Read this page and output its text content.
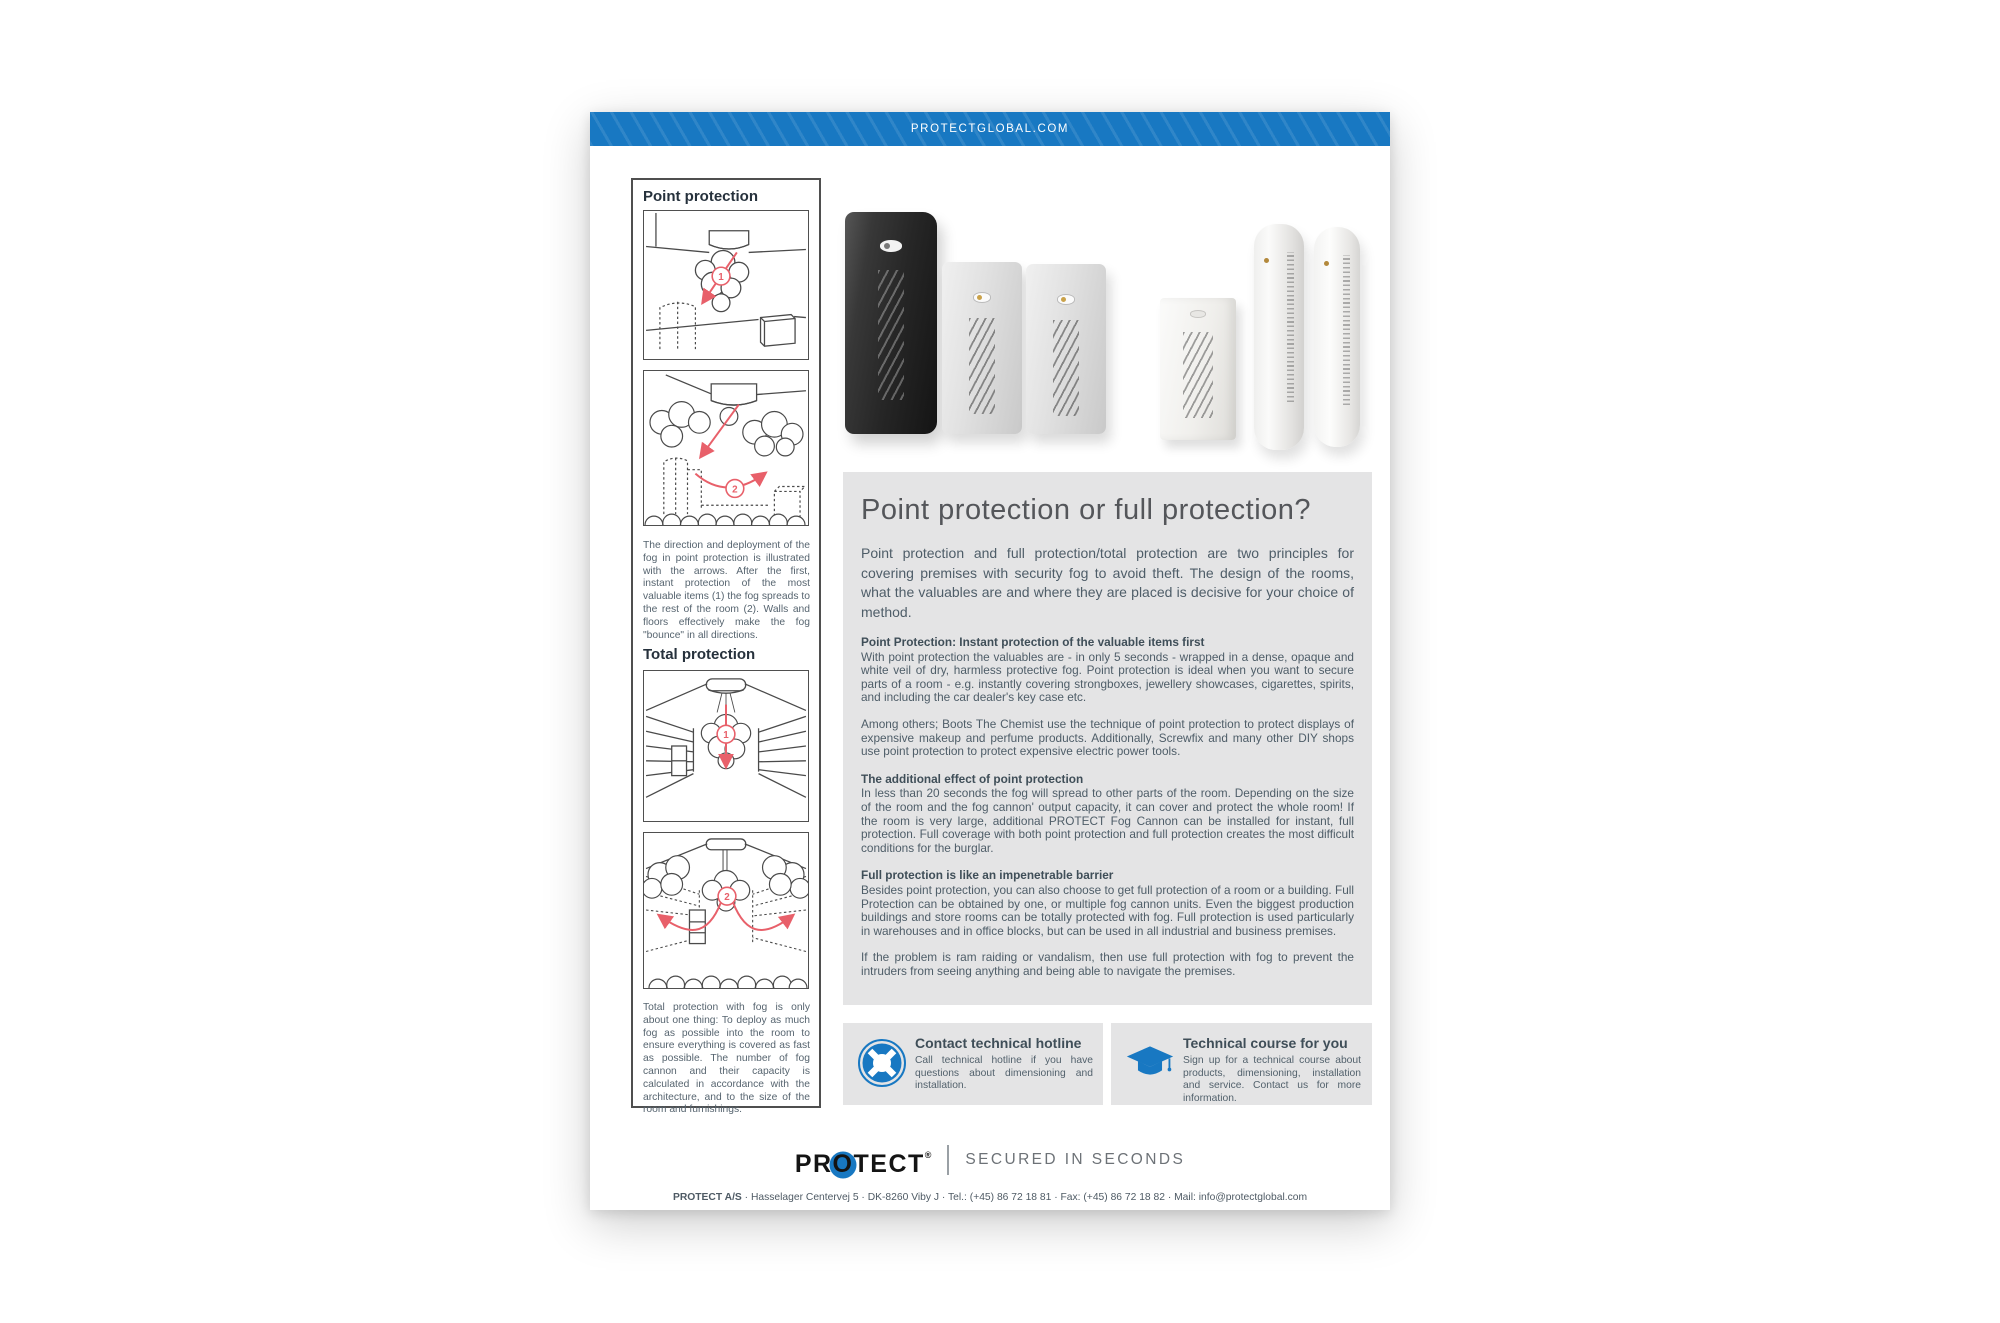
PROTECTGLOBAL.COM
Point protection
1
2

The direction and deployment of the fog in point protection is illustrated with the arrows. After the first, instant protection of the most valuable items (1) the fog spreads to the rest of the room (2). Walls and floors effectively make the fog "bounce" in all directions.

Total protection
1
2

Total protection with fog is only about one thing: To deploy as much fog as possible into the room to ensure everything is covered as fast as possible. The number of fog cannon and their capacity is calculated in accordance with the architecture, and to the size of the room and furnishings.

Point protection or full protection?

Point protection and full protection/total protection are two principles for covering premises with security fog to avoid theft. The design of the rooms, what the valuables are and where they are placed is decisive for your choice of method.

Point Protection: Instant protection of the valuable items first

With point protection the valuables are - in only 5 seconds - wrapped in a dense, opaque and white veil of dry, harmless protective fog. Point protection is ideal when you want to secure parts of a room - e.g. instantly covering strongboxes, jewellery showcases, cigarettes, spirits, and including the car dealer's key case etc.

Among others; Boots The Chemist use the technique of point protection to protect displays of expensive makeup and perfume products. Additionally, Screwfix and many other DIY shops use point protection to protect expensive electric power tools.

The additional effect of point protection

In less than 20 seconds the fog will spread to other parts of the room. Depending on the size of the room and the fog cannon' output capacity, it can cover and protect the whole room! If the room is very large, additional PROTECT Fog Cannon can be installed for instant, full protection. Full coverage with both point protection and full protection creates the most difficult conditions for the burglar.

Full protection is like an impenetrable barrier

Besides point protection, you can also choose to get full protection of a room or a building. Full Protection can be obtained by one, or multiple fog cannon units. Even the biggest production buildings and store rooms can be totally protected with fog. Full protection is used particularly in warehouses and in office blocks, but can be used in all industrial and business premises.

If the problem is ram raiding or vandalism, then use full protection with fog to prevent the intruders from seeing anything and being able to navigate the premises.

Contact technical hotline
Call technical hotline if you have questions about dimensioning and installation.
Technical course for you
Sign up for a technical course about products, dimensioning, installation and service. Contact us for more information.
PROTECT® SECURED IN SECONDS
PROTECT A/S · Hasselager Centervej 5 · DK-8260 Viby J · Tel.: (+45) 86 72 18 81 · Fax: (+45) 86 72 18 82 · Mail: info@protectglobal.com
